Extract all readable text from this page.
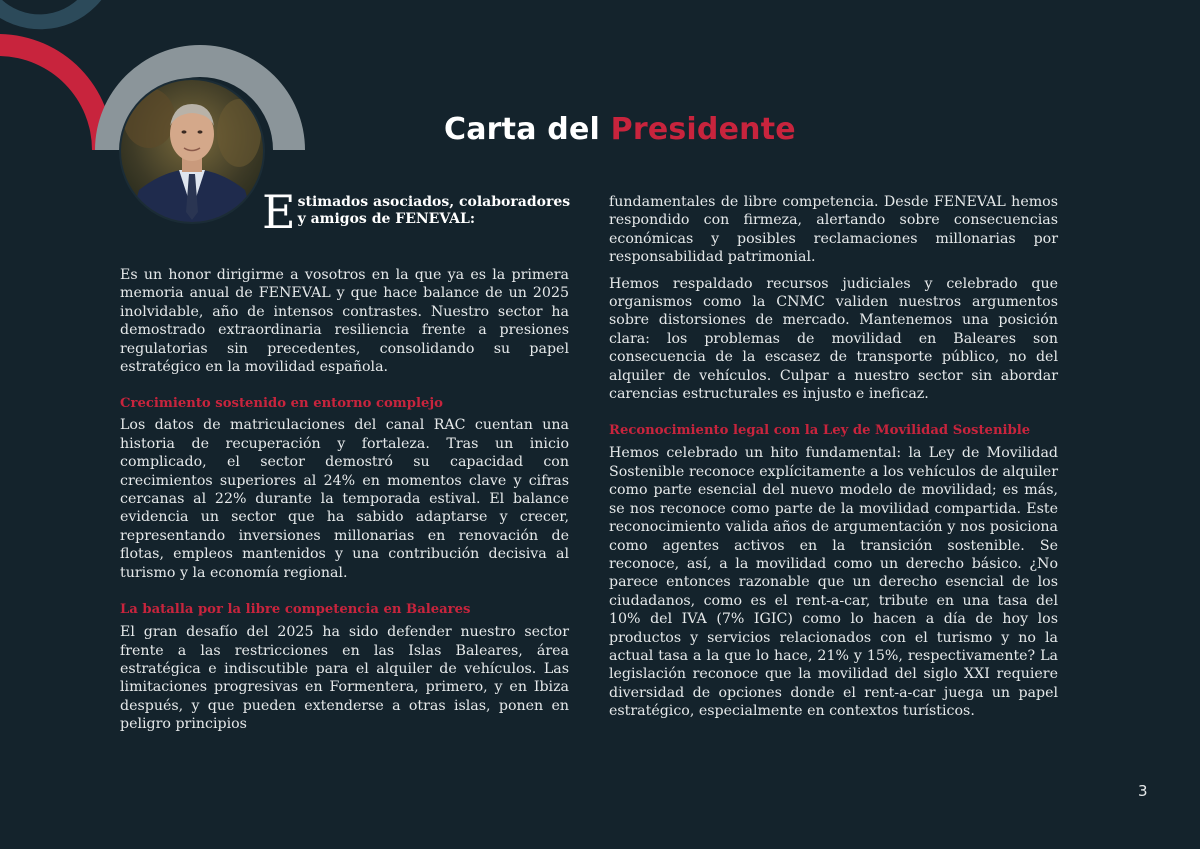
Carta del Presidente
E stimados asociados, colaboradores y amigos de FENEVAL:

Es un honor dirigirme a vosotros en la que ya es la primera memoria anual de FENEVAL y que hace balance de un 2025 inolvidable, año de intensos contrastes. Nuestro sector ha demostrado extraordinaria resiliencia frente a presiones regulatorias sin precedentes, consolidando su papel estratégico en la movilidad española.

Crecimiento sostenido en entorno complejo

Los datos de matriculaciones del canal RAC cuentan una historia de recuperación y fortaleza. Tras un inicio complicado, el sector demostró su capacidad con crecimientos superiores al 24% en momentos clave y cifras cercanas al 22% durante la temporada estival. El balance evidencia un sector que ha sabido adaptarse y crecer, representando inversiones millonarias en renovación de flotas, empleos mantenidos y una contribución decisiva al turismo y la economía regional.

La batalla por la libre competencia en Baleares

El gran desafío del 2025 ha sido defender nuestro sector frente a las restricciones en las Islas Baleares, área estratégica e indiscutible para el alquiler de vehículos. Las limitaciones progresivas en Formentera, primero, y en Ibiza después, y que pueden extenderse a otras islas, ponen en peligro principios

fundamentales de libre competencia. Desde FENEVAL hemos respondido con firmeza, alertando sobre consecuencias económicas y posibles reclamaciones millonarias por responsabilidad patrimonial.

Hemos respaldado recursos judiciales y celebrado que organismos como la CNMC validen nuestros argumentos sobre distorsiones de mercado. Mantenemos una posición clara: los problemas de movilidad en Baleares son consecuencia de la escasez de transporte público, no del alquiler de vehículos. Culpar a nuestro sector sin abordar carencias estructurales es injusto e ineficaz.

Reconocimiento legal con la Ley de Movilidad Sostenible

Hemos celebrado un hito fundamental: la Ley de Movilidad Sostenible reconoce explícitamente a los vehículos de alquiler como parte esencial del nuevo modelo de movilidad; es más, se nos reconoce como parte de la movilidad compartida. Este reconocimiento valida años de argumentación y nos posiciona como agentes activos en la transición sostenible. Se reconoce, así, a la movilidad como un derecho básico. ¿No parece entonces razonable que un derecho esencial de los ciudadanos, como es el rent-a-car, tribute en una tasa del 10% del IVA (7% IGIC) como lo hacen a día de hoy los productos y servicios relacionados con el turismo y no la actual tasa a la que lo hace, 21% y 15%, respectivamente? La legislación reconoce que la movilidad del siglo XXI requiere diversidad de opciones donde el rent-a-car juega un papel estratégico, especialmente en contextos turísticos.

3
